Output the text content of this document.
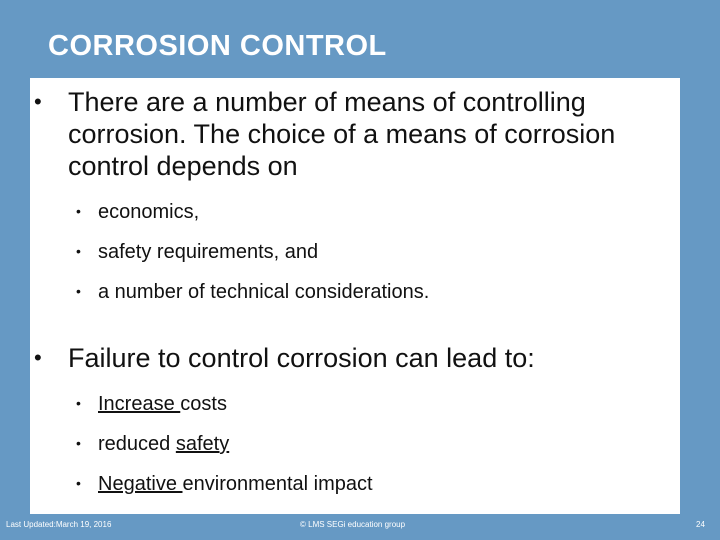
CORROSION CONTROL
• There are a number of means of controlling corrosion. The choice of a means of corrosion control depends on
• economics,
• safety requirements, and
• a number of technical considerations.
• Failure to control corrosion can lead to:
• Increase costs
• reduced safety
• Negative environmental impact
Last Updated:March 19, 2016	© LMS SEGi education group	24
